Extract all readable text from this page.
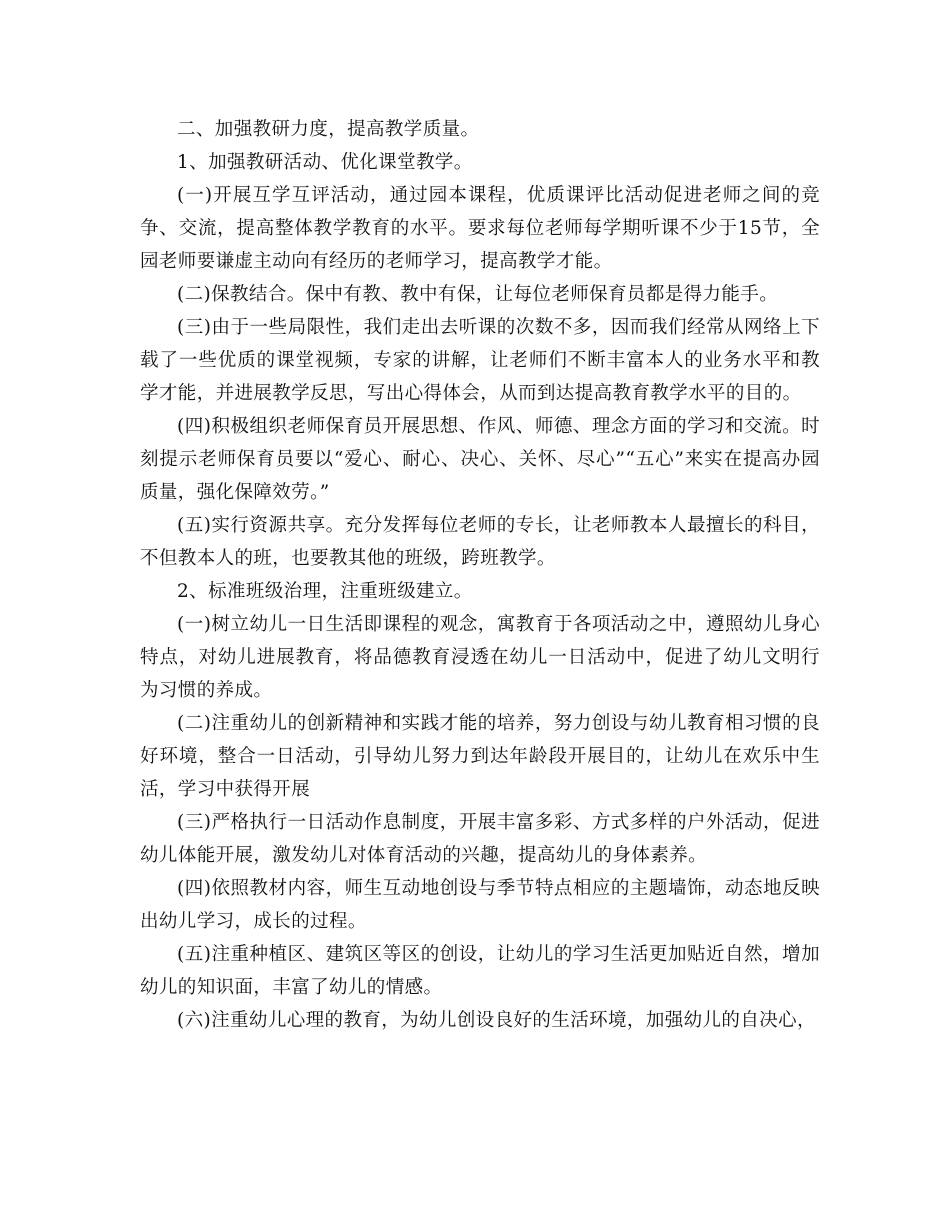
二、加强教研力度，提高教学质量。

1、加强教研活动、优化课堂教学。

(一)开展互学互评活动，通过园本课程，优质课评比活动促进老师之间的竞争、交流，提高整体教学教育的水平。要求每位老师每学期听课不少于15节，全园老师要谦虚主动向有经历的老师学习，提高教学才能。

(二)保教结合。保中有教、教中有保，让每位老师保育员都是得力能手。

(三)由于一些局限性，我们走出去听课的次数不多，因而我们经常从网络上下载了一些优质的课堂视频，专家的讲解，让老师们不断丰富本人的业务水平和教学才能，并进展教学反思，写出心得体会，从而到达提高教育教学水平的目的。

(四)积极组织老师保育员开展思想、作风、师德、理念方面的学习和交流。时刻提示老师保育员要以“爱心、耐心、决心、关怀、尽心”“五心”来实在提高办园质量，强化保障效劳。”

(五)实行资源共享。充分发挥每位老师的专长，让老师教本人最擅长的科目，不但教本人的班，也要教其他的班级，跨班教学。

2、标准班级治理，注重班级建立。

(一)树立幼儿一日生活即课程的观念，寓教育于各项活动之中，遵照幼儿身心特点，对幼儿进展教育，将品德教育浸透在幼儿一日活动中，促进了幼儿文明行为习惯的养成。

(二)注重幼儿的创新精神和实践才能的培养，努力创设与幼儿教育相习惯的良好环境，整合一日活动，引导幼儿努力到达年龄段开展目的，让幼儿在欢乐中生活，学习中获得开展

(三)严格执行一日活动作息制度，开展丰富多彩、方式多样的户外活动，促进幼儿体能开展，激发幼儿对体育活动的兴趣，提高幼儿的身体素养。

(四)依照教材内容，师生互动地创设与季节特点相应的主题墙饰，动态地反映出幼儿学习，成长的过程。

(五)注重种植区、建筑区等区的创设，让幼儿的学习生活更加贴近自然，增加幼儿的知识面，丰富了幼儿的情感。

(六)注重幼儿心理的教育，为幼儿创设良好的生活环境，加强幼儿的自决心，
